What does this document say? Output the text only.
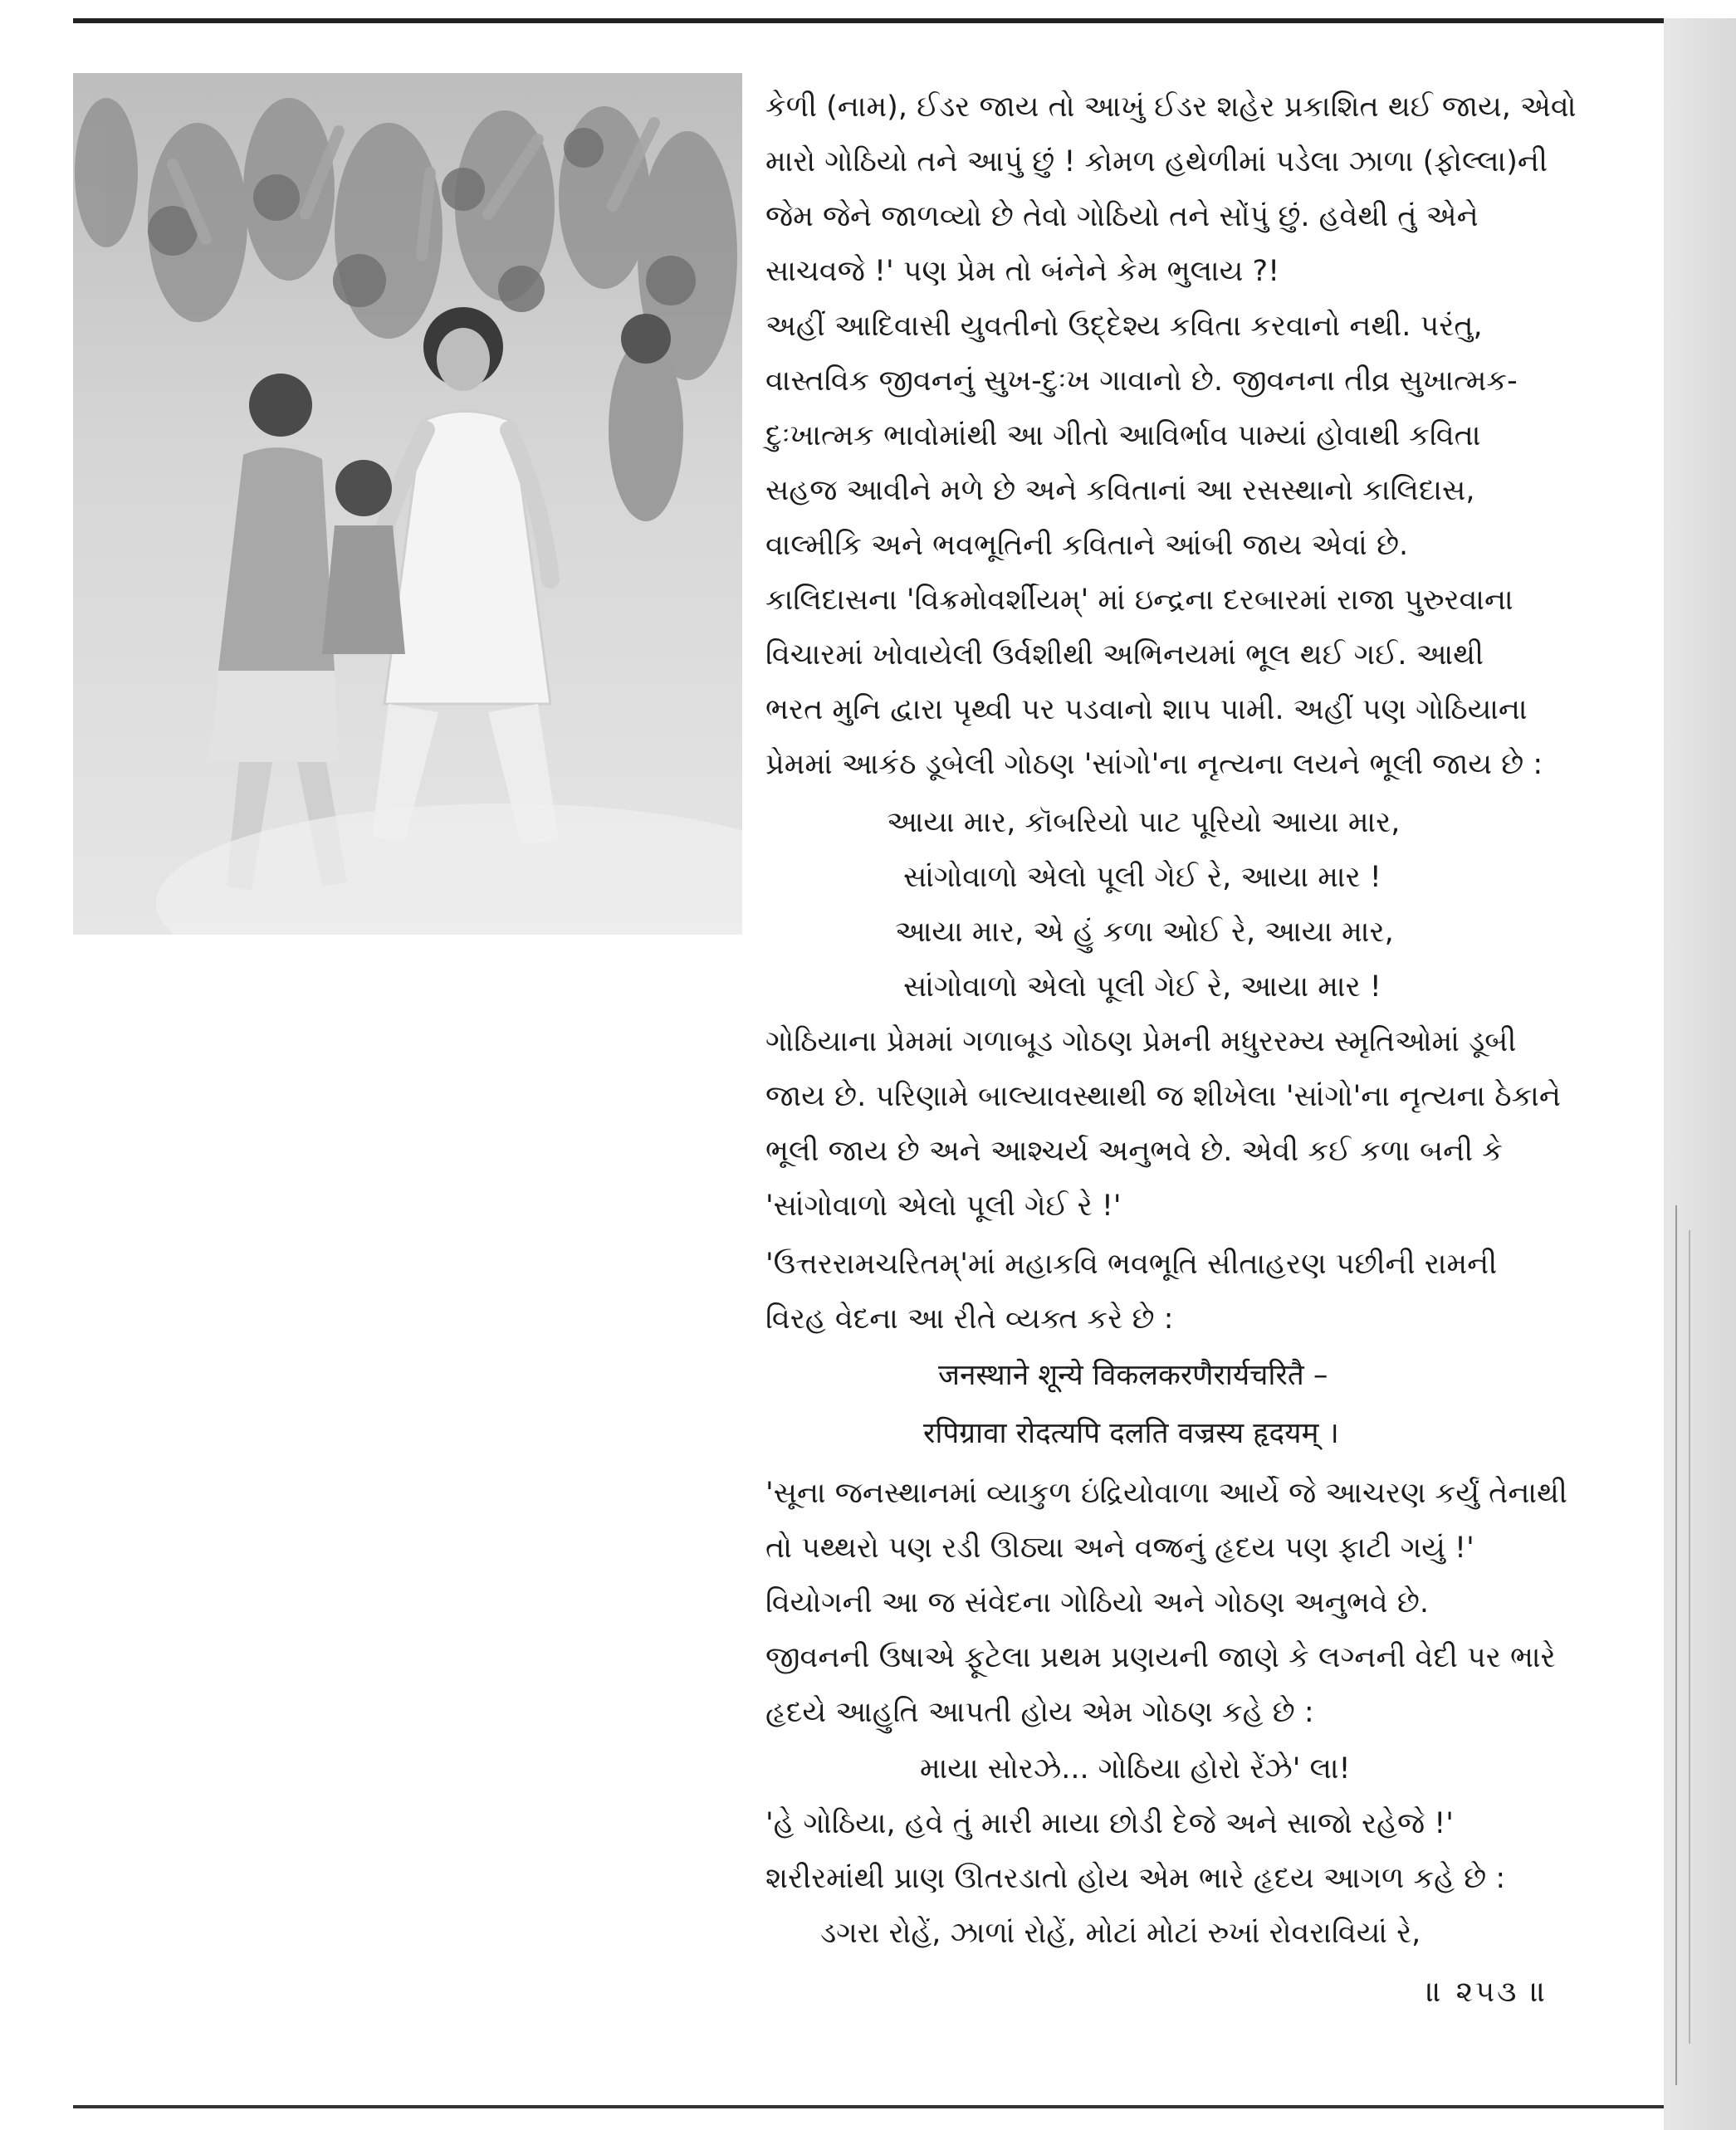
કેળી (નામ), ઈડર જાય તો આખું ઈડર શહેર પ્રકાશિત થઈ જાય, એવો
મારો ગોઠિયો તને આપું છું ! કોમળ હથેળીમાં પડેલા ઝાળા (ફોલ્લા)ની
જેમ જેને જાળવ્યો છે તેવો ગોઠિયો તને સોંપું છું. હવેથી તું એને
સાચવજે !' પણ પ્રેમ તો બંનેને કેમ ભુલાય ?!
અહીં આદિવાસી યુવતીનો ઉદ્દેશ્ય કવિતા કરવાનો નથી. પરંતુ,
વાસ્તવિક જીવનનું સુખ-દુઃખ ગાવાનો છે. જીવનના તીવ્ર સુખાત્મક-
દુઃખાત્મક ભાવોમાંથી આ ગીતો આવિર્ભાવ પામ્યાં હોવાથી કવિતા
સહજ આવીને મળે છે અને કવિતાનાં આ રસસ્થાનો કાલિદાસ,
વાલ્મીકિ અને ભવભૂતિની કવિતાને આંબી જાય એવાં છે.
કાલિદાસના 'વિક્રમોવર્શીયમ્' માં ઇન્દ્રના દરબારમાં રાજા પુરુરવાના
વિચારમાં ખોવાયેલી ઉર્વશીથી અભિનયમાં ભૂલ થઈ ગઈ. આથી
ભરત મુનિ દ્વારા પૃથ્વી પર પડવાનો શાપ પામી. અહીં પણ ગોઠિયાના
પ્રેમમાં આકંઠ ડૂબેલી ગોઠણ 'સાંગો'ના નૃત્યના લયને ભૂલી જાય છે :
આયા માર, કૉબરિયો પાટ પૂરિયો આયા માર,
સાંગોવાળો એલો પૂલી ગેઈ રે, આયા માર !
આયા માર, એ હું કળા ઓઈ રે, આયા માર,
સાંગોવાળો એલો પૂલી ગેઈ રે, આયા માર !
ગોઠિયાના પ્રેમમાં ગળાબૂડ ગોઠણ પ્રેમની મધુરરમ્ય સ્મૃતિઓમાં ડૂબી
જાય છે. પરિણામે બાલ્યાવસ્થાથી જ શીખેલા 'સાંગો'ના નૃત્યના ઠેકાને
ભૂલી જાય છે અને આશ્ચર્ય અનુભવે છે. એવી કઈ કળા બની કે
'સાંગોવાળો એલો પૂલી ગેઈ રે !'
'ઉત્તરરામચરિતમ્'માં મહાકવિ ભવભૂતિ સીતાહરણ પછીની રામની
વિરહ વેદના આ રીતે વ્યક્ત કરે છે :
जनस्थाने शून्ये विकलकरणैरार्यचरितै –
रपिग्रावा रोदत्यपि दलति वज्रस्य हृदयम् ।
'સૂના જનસ્થાનમાં વ્યાકુળ ઇંદ્રિયોવાળા આર્યે જે આચરણ કર્યું તેનાથી
તો પથ્થરો પણ રડી ઊઠ્યા અને વજ્રનું હૃદય પણ ફાટી ગયું !'
વિયોગની આ જ સંવેદના ગોઠિયો અને ગોઠણ અનુભવે છે.
જીવનની ઉષાએ ફૂટેલા પ્રથમ પ્રણયની જાણે કે લગ્નની વેદી પર ભારે
હૃદયે આહુતિ આપતી હોય એમ ગોઠણ કહે છે :
માયા સોરઝે... ગોઠિયા હોરો રેંઝે' લા!
'હે ગોઠિયા, હવે તું મારી માયા છોડી દેજે અને સાજો રહેજે !'
શરીરમાંથી પ્રાણ ઊતરડાતો હોય એમ ભારે હૃદય આગળ કહે છે :
ડગરા રોહેં, ઝાળાં રોહેં, મોટાં મોટાં રુખાં રોવરાવિયાં રે,
॥ ૨૫૩ ॥
